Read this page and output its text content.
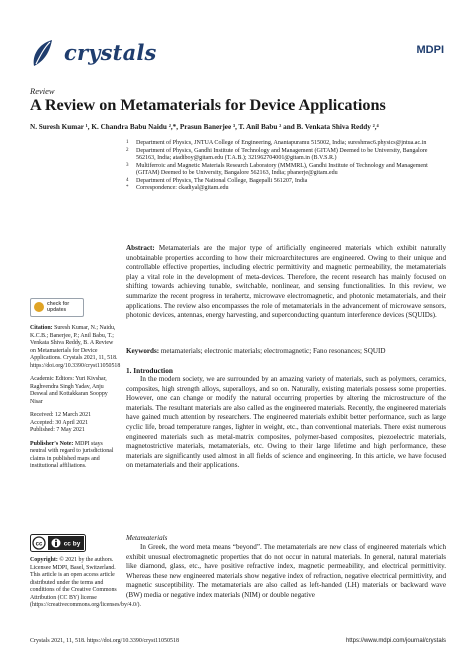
crystals	MDPI
Review
A Review on Metamaterials for Device Applications
N. Suresh Kumar ¹, K. Chandra Babu Naidu ²,*, Prasun Banerjee ³, T. Anil Babu ² and B. Venkata Shiva Reddy ²,⁴
1 Department of Physics, JNTUA College of Engineering, Anantapuramu 515002, India; sureshmsc6.physics@jntua.ac.in
2 Department of Physics, Gandhi Institute of Technology and Management (GITAM) Deemed to be University, Bangalore 562163, India; atadiboy@gitam.edu (T.A.B.); 321962704001@gitam.in (B.V.S.R.)
3 Multiferroic and Magnetic Materials Research Laboratory (MMMRL), Gandhi Institute of Technology and Management (GITAM) Deemed to be University, Bangalore 562163, India; pbanerje@gitam.edu
4 Department of Physics, The National College, Bagepalli 561207, India
* Correspondence: ckadiyal@gitam.edu
Abstract: Metamaterials are the major type of artificially engineered materials which exhibit naturally unobtainable properties according to how their microarchitectures are engineered. Owing to their unique and controllable effective properties, including electric permittivity and magnetic permeability, the metamaterials play a vital role in the development of meta-devices. Therefore, the recent research has mainly focused on shifting towards achieving tunable, switchable, nonlinear, and sensing functionalities. In this review, we summarize the recent progress in terahertz, microwave electromagnetic, and photonic metamaterials, and their applications. The review also encompasses the role of metamaterials in the advancement of microwave sensors, photonic devices, antennas, energy harvesting, and superconducting quantum interference devices (SQUIDs).
Keywords: metamaterials; electronic materials; electromagnetic; Fano resonances; SQUID
check for updates

Citation: Suresh Kumar, N.; Naidu, K.C.B.; Banerjee, P.; Anil Babu, T.; Venkata Shiva Reddy, B. A Review on Metamaterials for Device Applications. Crystals 2021, 11, 518. https://doi.org/10.3390/cryst11050518

Academic Editors: Yuri Kivshar, Raghvendra Singh Yadav, Anju Deswal and Kottakkaran Sooppy Nisar

Received: 12 March 2021
Accepted: 30 April 2021
Published: 7 May 2021

Publisher's Note: MDPI stays neutral with regard to jurisdictional claims in published maps and institutional affiliations.

cc	cc by
Copyright: © 2021 by the authors. Licensee MDPI, Basel, Switzerland. This article is an open access article distributed under the terms and conditions of the Creative Commons Attribution (CC BY) license (https://creativecommons.org/licenses/by/4.0/).
1. Introduction
In the modern society, we are surrounded by an amazing variety of materials, such as polymers, ceramics, composites, high strength alloys, superalloys, and so on. Naturally, existing materials possess some properties. However, one can change or modify the natural occurring properties by altering the microstructure of the materials. The resultant materials are also called as the engineered materials. Recently, the engineered materials have gained much attention by researchers. The engineered materials exhibit better performance, such as large cyclic life, broad temperature ranges, lighter in weight, etc., than conventional materials. There exist numerous engineered materials such as metal-matrix composites, polymer-based composites, piezoelectric materials, magnetostrictive materials, metamaterials, etc. Owing to their large lifetime and high performance, these materials are significantly used almost in all fields of science and engineering. In this article, we have focused on metamaterials and their applications.
Metamaterials
In Greek, the word meta means “beyond”. The metamaterials are new class of engineered materials which exhibit unusual electromagnetic properties that do not occur in natural materials. In general, natural materials like diamond, glass, etc., have positive refractive index, magnetic permeability, and electrical permittivity. Whereas these new engineered materials show negative index of refraction, negative electrical permittivity, and magnetic susceptibility. The metamaterials are also called as left-handed (LH) materials or backward wave (BW) media or negative index materials (NIM) or double negative
Crystals 2021, 11, 518. https://doi.org/10.3390/cryst11050518	https://www.mdpi.com/journal/crystals
